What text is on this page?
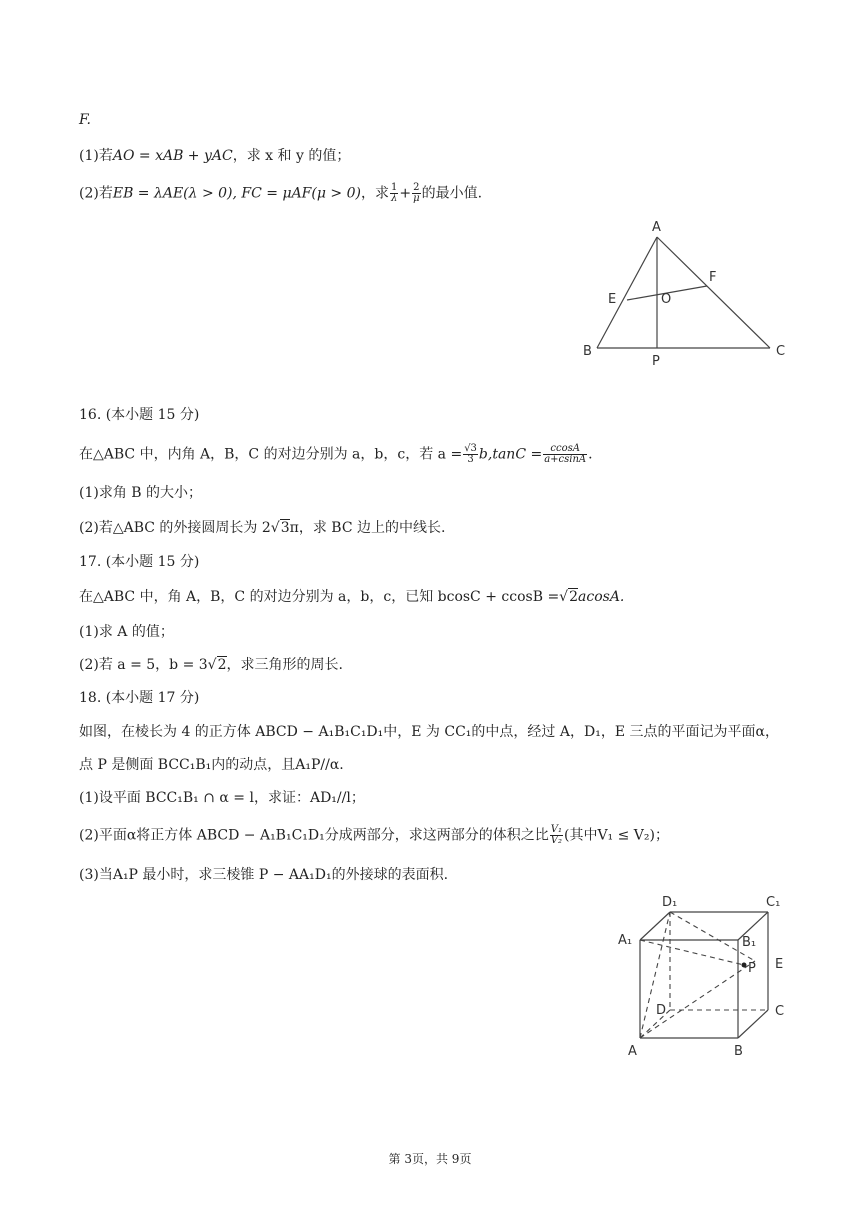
F.
(1)若AO = xAB + yAC，求 x 和 y 的值；
(2)若EB = λAE(λ > 0), FC = μAF(μ > 0)，求 $\frac{1}{\lambda} + \frac{2}{\mu}$ 的最小值.
A
B	C
E
F
O
P
16. (本小题 15 分)
在△ABC 中，内角 A，B，C 的对边分别为 a，b，c，若 $a = \frac{√3}{3} b,\tan C = \frac{ccosA}{a+csinA}$ .
(1)求角 B 的大小；
(2)若△ABC 的外接圆周长为 2√3π，求 BC 边上的中线长.
17. (本小题 15 分)
在△ABC 中，角 A，B，C 的对边分别为 a，b，c，已知 bcosC + ccosB =√2acosA.
(1)求 A 的值；
(2)若 a = 5，b = 3√2，求三角形的周长.
18. (本小题 17 分)
如图，在棱长为 4 的正方体 ABCD − A₁B₁C₁D₁中，E 为 CC₁的中点，经过 A，D₁，E 三点的平面记为平面α，
点 P 是侧面 BCC₁B₁内的动点，且A₁P//α.
(1)设平面 BCC₁B₁ ∩ α = l，求证：AD₁//l；
(2)平面α将正方体 ABCD − A₁B₁C₁D₁分成两部分，求这两部分的体积之比 $\frac{\text{V₁}}{\text{V₂}}$ (其中V₁ ≤ V₂)；
(3)当A₁P 最小时，求三棱锥 P − AA₁D₁的外接球的表面积.
D₁	C₁
A₁	B₁
P E
D	C
A	B
第 3页，共 9页
